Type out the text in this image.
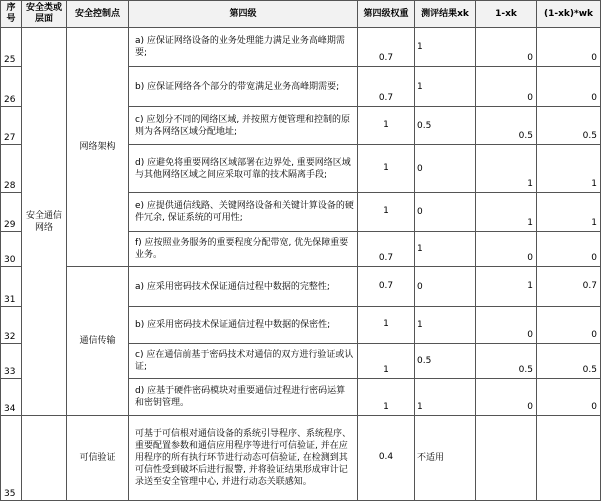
序号	安全类或层面	安全控制点	第四级	第四级权重	测评结果xk	1-xk	(1-xk)*wk
25	安全通信网络	网络架构	a) 应保证网络设备的业务处理能力满足业务高峰期需要;	0.7	1	0	0
26			b) 应保证网络各个部分的带宽满足业务高峰期需要;	0.7	1	0	0
27			c) 应划分不同的网络区域, 并按照方便管理和控制的原则为各网络区域分配地址;	1	0.5	0.5	0.5
28			d) 应避免将重要网络区域部署在边界处, 重要网络区域与其他网络区域之间应采取可靠的技术隔离手段;	1	0	1	1
29			e) 应提供通信线路、关键网络设备和关键计算设备的硬件冗余, 保证系统的可用性;	1	0	1	1
30			f) 应按照业务服务的重要程度分配带宽, 优先保障重要业务。	0.7	1	0	0
31		通信传输	a) 应采用密码技术保证通信过程中数据的完整性;	0.7	0	1	0.7
32			b) 应采用密码技术保证通信过程中数据的保密性;	1	1	0	0
33			c) 应在通信前基于密码技术对通信的双方进行验证或认证;	1	0.5	0.5	0.5
34			d) 应基于硬件密码模块对重要通信过程进行密码运算和密钥管理。	1	1	0	0
35		可信验证	可基于可信根对通信设备的系统引导程序、系统程序、重要配置参数和通信应用程序等进行可信验证, 并在应用程序的所有执行环节进行动态可信验证, 在检测到其可信性受到破坏后进行报警, 并将验证结果形成审计记录送至安全管理中心, 并进行动态关联感知。	0.4	不适用		
